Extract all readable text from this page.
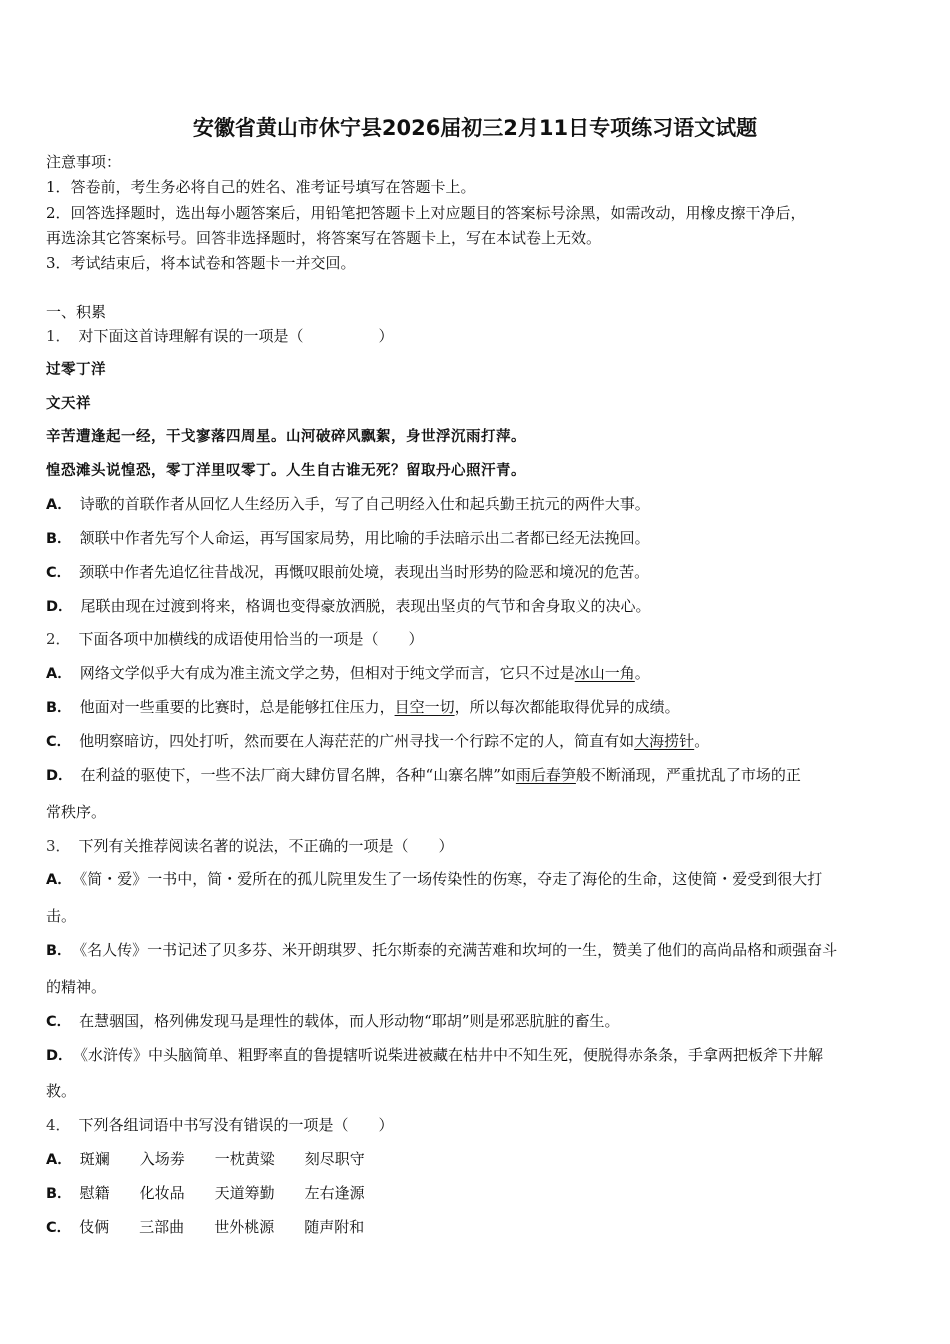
安徽省黄山市休宁县2026届初三2月11日专项练习语文试题
注意事项：
1．答卷前，考生务必将自己的姓名、准考证号填写在答题卡上。
2．回答选择题时，选出每小题答案后，用铅笔把答题卡上对应题目的答案标号涂黑，如需改动，用橡皮擦干净后，
再选涂其它答案标号。回答非选择题时，将答案写在答题卡上，写在本试卷上无效。
3．考试结束后，将本试卷和答题卡一并交回。
一、积累
1． 对下面这首诗理解有误的一项是（　　　　　）
过零丁洋
文天祥
辛苦遭逢起一经，干戈寥落四周星。山河破碎风飘絮，身世浮沉雨打萍。
惶恐滩头说惶恐，零丁洋里叹零丁。人生自古谁无死？留取丹心照汗青。
A． 诗歌的首联作者从回忆人生经历入手，写了自己明经入仕和起兵勤王抗元的两件大事。
B． 颔联中作者先写个人命运，再写国家局势，用比喻的手法暗示出二者都已经无法挽回。
C． 颈联中作者先追忆往昔战况，再慨叹眼前处境，表现出当时形势的险恶和境况的危苦。
D． 尾联由现在过渡到将来，格调也变得豪放洒脱，表现出坚贞的气节和舍身取义的决心。
2． 下面各项中加横线的成语使用恰当的一项是（　　）
A． 网络文学似乎大有成为准主流文学之势，但相对于纯文学而言，它只不过是冰山一角。
B． 他面对一些重要的比赛时，总是能够扛住压力，目空一切，所以每次都能取得优异的成绩。
C． 他明察暗访，四处打听，然而要在人海茫茫的广州寻找一个行踪不定的人，简直有如大海捞针。
D． 在利益的驱使下，一些不法厂商大肆仿冒名牌，各种“山寨名牌”如雨后春笋般不断涌现，严重扰乱了市场的正
常秩序。
3． 下列有关推荐阅读名著的说法，不正确的一项是（　　）
A． 《简・爱》一书中，简・爱所在的孤儿院里发生了一场传染性的伤寒，夺走了海伦的生命，这使简・爱受到很大打
击。
B． 《名人传》一书记述了贝多芬、米开朗琪罗、托尔斯泰的充满苦难和坎坷的一生，赞美了他们的高尚品格和顽强奋斗
的精神。
C． 在慧骃国，格列佛发现马是理性的载体，而人形动物“耶胡”则是邪恶肮脏的畜生。
D． 《水浒传》中头脑简单、粗野率直的鲁提辖听说柴进被藏在枯井中不知生死，便脱得赤条条，手拿两把板斧下井解
救。
4． 下列各组词语中书写没有错误的一项是（　　）
A． 斑斓 入场劵 一枕黄粱 刻尽职守
B． 慰籍 化妆品 天道筹勤 左右逢源
C． 伎俩 三部曲 世外桃源 随声附和
